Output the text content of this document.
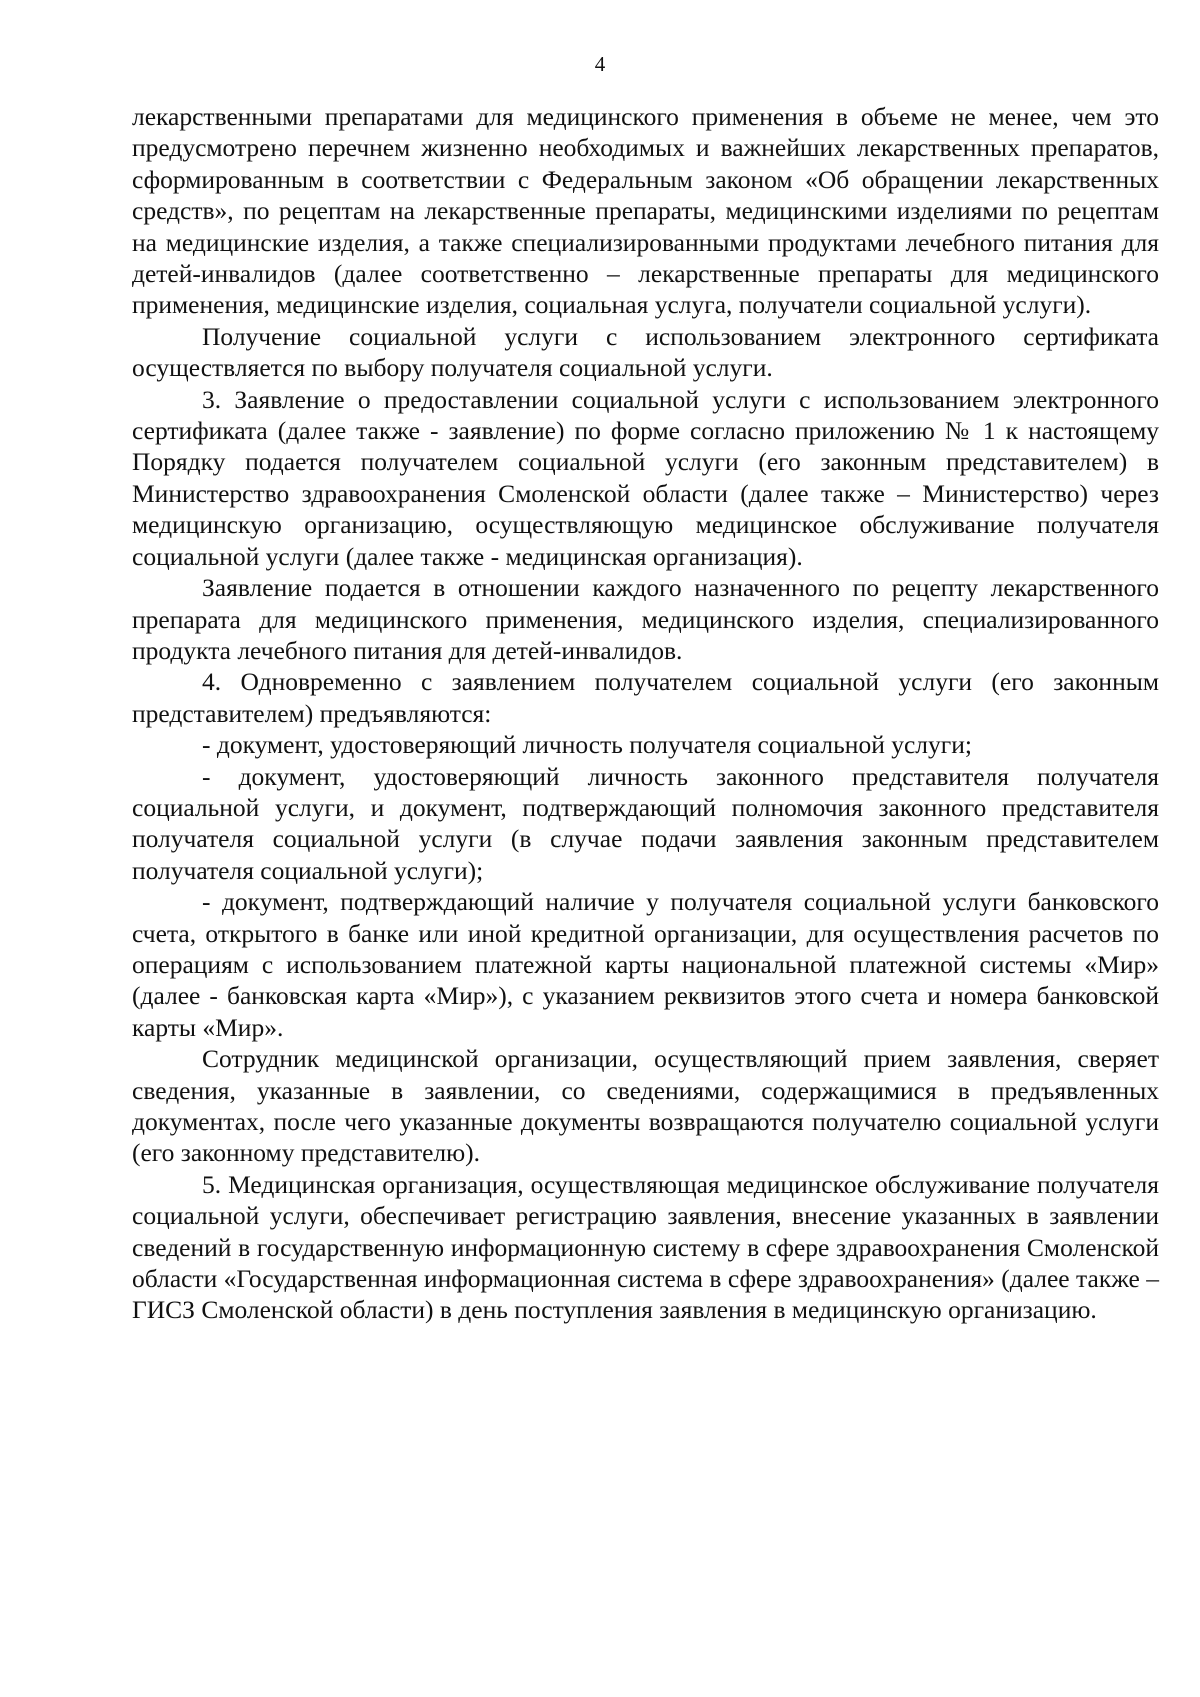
4

лекарственными препаратами для медицинского применения в объеме не менее, чем это предусмотрено перечнем жизненно необходимых и важнейших лекарственных препаратов, сформированным в соответствии с Федеральным законом «Об обращении лекарственных средств», по рецептам на лекарственные препараты, медицинскими изделиями по рецептам на медицинские изделия, а также специализированными продуктами лечебного питания для детей-инвалидов (далее соответственно – лекарственные препараты для медицинского применения, медицинские изделия, социальная услуга, получатели социальной услуги).

Получение социальной услуги с использованием электронного сертификата осуществляется по выбору получателя социальной услуги.

3. Заявление о предоставлении социальной услуги с использованием электронного сертификата (далее также - заявление) по форме согласно приложению № 1 к настоящему Порядку подается получателем социальной услуги (его законным представителем) в Министерство здравоохранения Смоленской области (далее также – Министерство) через медицинскую организацию, осуществляющую медицинское обслуживание получателя социальной услуги (далее также - медицинская организация).

Заявление подается в отношении каждого назначенного по рецепту лекарственного препарата для медицинского применения, медицинского изделия, специализированного продукта лечебного питания для детей-инвалидов.

4. Одновременно с заявлением получателем социальной услуги (его законным представителем) предъявляются:

- документ, удостоверяющий личность получателя социальной услуги;

- документ, удостоверяющий личность законного представителя получателя социальной услуги, и документ, подтверждающий полномочия законного представителя получателя социальной услуги (в случае подачи заявления законным представителем получателя социальной услуги);

- документ, подтверждающий наличие у получателя социальной услуги банковского счета, открытого в банке или иной кредитной организации, для осуществления расчетов по операциям с использованием платежной карты национальной платежной системы «Мир» (далее - банковская карта «Мир»), с указанием реквизитов этого счета и номера банковской карты «Мир».

Сотрудник медицинской организации, осуществляющий прием заявления, сверяет сведения, указанные в заявлении, со сведениями, содержащимися в предъявленных документах, после чего указанные документы возвращаются получателю социальной услуги (его законному представителю).

5. Медицинская организация, осуществляющая медицинское обслуживание получателя социальной услуги, обеспечивает регистрацию заявления, внесение указанных в заявлении сведений в государственную информационную систему в сфере здравоохранения Смоленской области «Государственная информационная система в сфере здравоохранения» (далее также – ГИСЗ Смоленской области) в день поступления заявления в медицинскую организацию.
